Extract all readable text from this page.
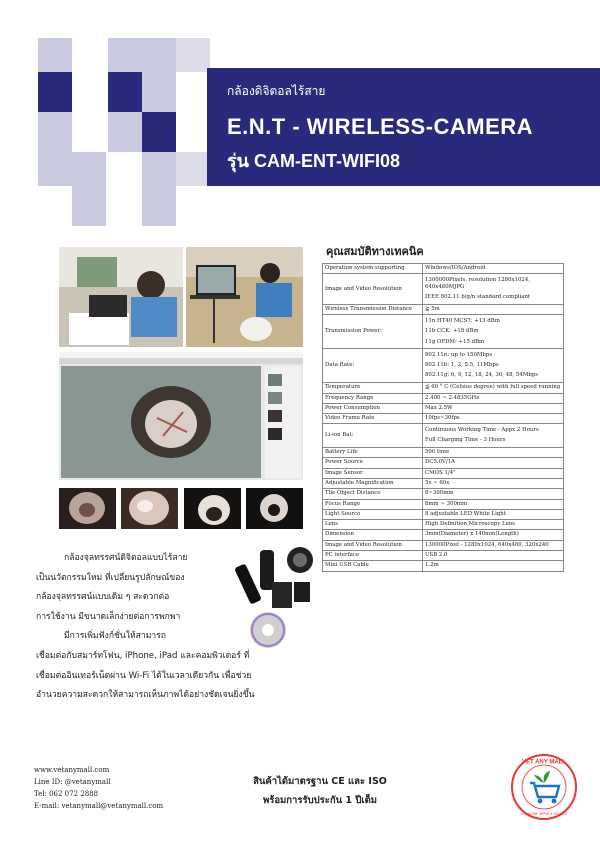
กล้องดิจิตอลไร้สาย
E.N.T - WIRELESS-CAMERA
รุ่น CAM-ENT-WIFI08
คุณสมบัติทางเทคนิค
Operation system supporting	Windows/IOS/Android

Image and Video Resolution	1300000Pixels, resolution 1280x1024, 640x480MJPG
IEEE 802.11 b/g/n standard compliant

Wireless Transmission Distance	≧ 5m

Transmission Power:	11n HT40 MCS7: +13 dBm
11b CCK: +18 dBm
11g OFDM: +15 dBm

Data Rate:	802.11n: up to 150Mbps
802.11b: 1, 2, 5.5, 11Mbps
802.11g: 6, 9, 12, 18, 24, 36, 48, 54Mbps

Temperature	≦ 60 ° C (Celsius degree) with full speed running

Frequency Range	2.400 ~ 2.4835GHz

Power Consumption	Max 2.5W

Video Frame Rate	10fps~30fps

Li-ion Bat:	Continuous Working Time - Appx.2 Hours
Full Charging Time - 3 Hours

Battery Life	500 time

Power Source	DC5.0V/1A

Image Sensor	CMOS 1/4"

Adjustable Magnification	5x ~ 60x

The Object Distance	8~300mm

Focus Range	8mm ~ 300mm

Light Source	8 adjustable LED White Light

Lens	High Definition Microscopy Lens

Dimension	3mm(Diameter) x 140mm(Length)

Image and Video Resolution	130000Pixel - 1280x1024, 640x480, 320x240

PC interface	USB 2.0

Mini USB Cable	1.2m
กล้องจุลทรรศน์ดิจิตอลแบบไร้สาย
เป็นนวัตกรรมใหม่ ที่เปลี่ยนรูปลักษณ์ของ
กล้องจุลทรรศน์แบบเดิม ๆ สะดวกต่อ
การใช้งาน มีขนาดเล็กง่ายต่อการพกพา
มีการเพิ่มฟังก์ชั่นให้สามารถ
เชื่อมต่อกับสมาร์ทโฟน, iPhone, iPad และคอมพิวเตอร์ ที่
เชื่อมต่ออินเทอร์เน็ตผ่าน Wi-Fi ได้ในเวลาเดียวกัน เพื่อช่วย
อำนวยความสะดวกให้สามารถเห็นภาพได้อย่างชัดเจนยิ่งขึ้น
www.vetanymall.com
Line ID: @vetanymall
Tel: 062 072 2888
E-mail: vetanymall@vetanymall.com
สินค้าได้มาตรฐาน CE และ ISO
พร้อมการรับประกัน 1 ปีเต็ม
VET ANY MALL
A GENUINE SERVICE SOURCE
